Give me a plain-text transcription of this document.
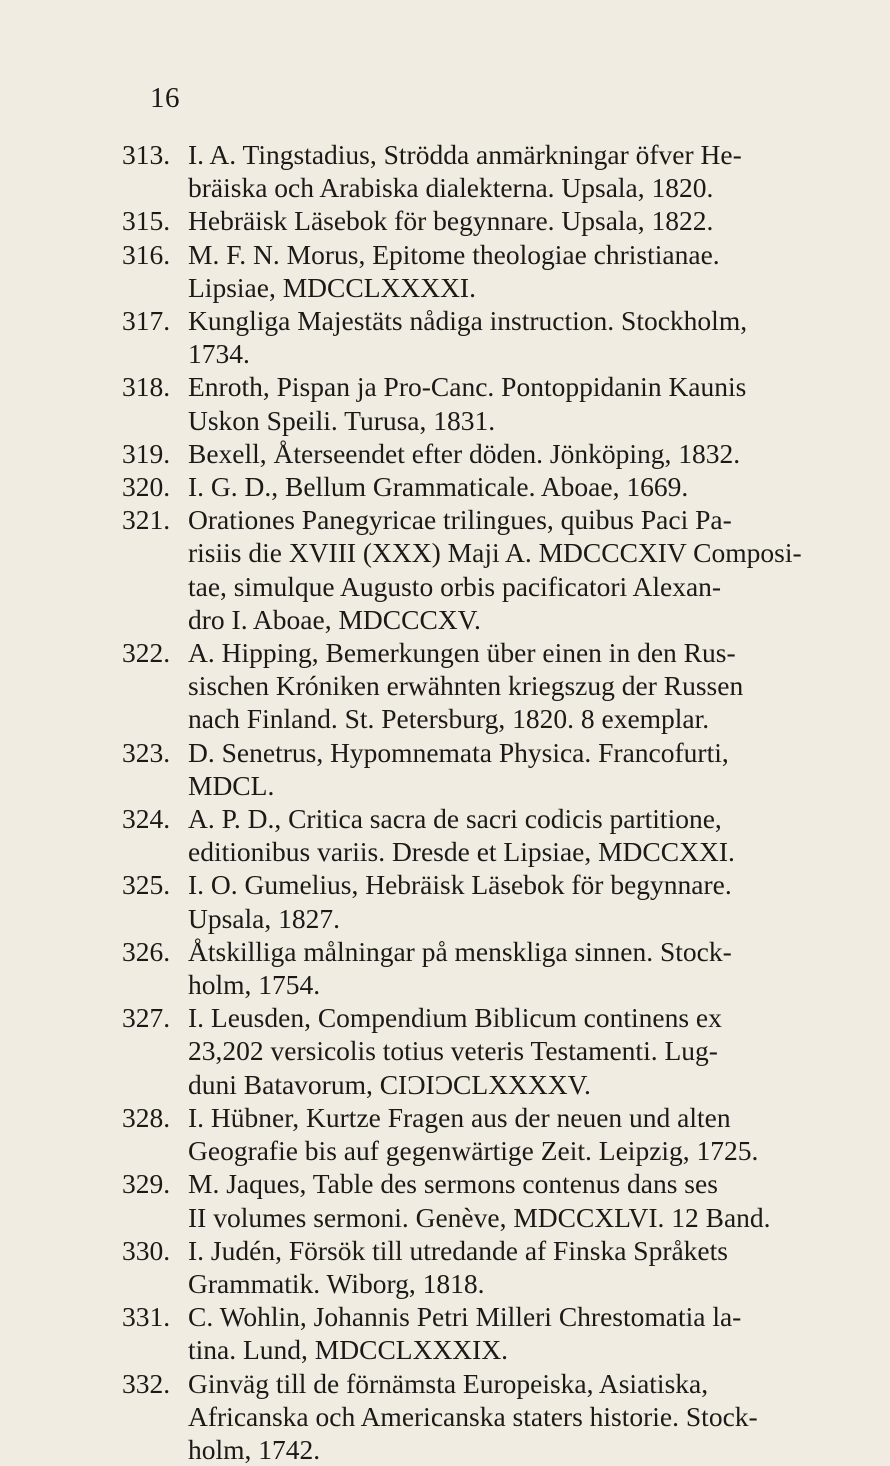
16
313. I. A. Tingstadius, Strödda anmärkningar öfver He-
bräiska och Arabiska dialekterna. Upsala, 1820.
315. Hebräisk Läsebok för begynnare. Upsala, 1822.
316. M. F. N. Morus, Epitome theologiae christianae.
Lipsiae, MDCCLXXXXI.
317. Kungliga Majestäts nådiga instruction. Stockholm,
1734.
318. Enroth, Pispan ja Pro-Canc. Pontoppidanin Kaunis
Uskon Speili. Turusa, 1831.
319. Bexell, Återseendet efter döden. Jönköping, 1832.
320. I. G. D., Bellum Grammaticale. Aboae, 1669.
321. Orationes Panegyricae trilingues, quibus Paci Pa-
risiis die XVIII (XXX) Maji A. MDCCCXIV Composi-
tae, simulque Augusto orbis pacificatori Alexan-
dro I. Aboae, MDCCCXV.
322. A. Hipping, Bemerkungen über einen in den Rus-
sischen Króniken erwähnten kriegszug der Russen
nach Finland. St. Petersburg, 1820. 8 exemplar.
323. D. Senetrus, Hypomnemata Physica. Francofurti,
MDCL.
324. A. P. D., Critica sacra de sacri codicis partitione,
editionibus variis. Dresde et Lipsiae, MDCCXXI.
325. I. O. Gumelius, Hebräisk Läsebok för begynnare.
Upsala, 1827.
326. Åtskilliga målningar på menskliga sinnen. Stock-
holm, 1754.
327. I. Leusden, Compendium Biblicum continens ex
23,202 versicolis totius veteris Testamenti. Lug-
duni Batavorum, CIƆIƆCLXXXXV.
328. I. Hübner, Kurtze Fragen aus der neuen und alten
Geografie bis auf gegenwärtige Zeit. Leipzig, 1725.
329. M. Jaques, Table des sermons contenus dans ses
II volumes sermoni. Genève, MDCCXLVI. 12 Band.
330. I. Judén, Försök till utredande af Finska Språkets
Grammatik. Wiborg, 1818.
331. C. Wohlin, Johannis Petri Milleri Chrestomatia la-
tina. Lund, MDCCLXXXIX.
332. Ginväg till de förnämsta Europeiska, Asiatiska,
Africanska och Americanska staters historie. Stock-
holm, 1742.
